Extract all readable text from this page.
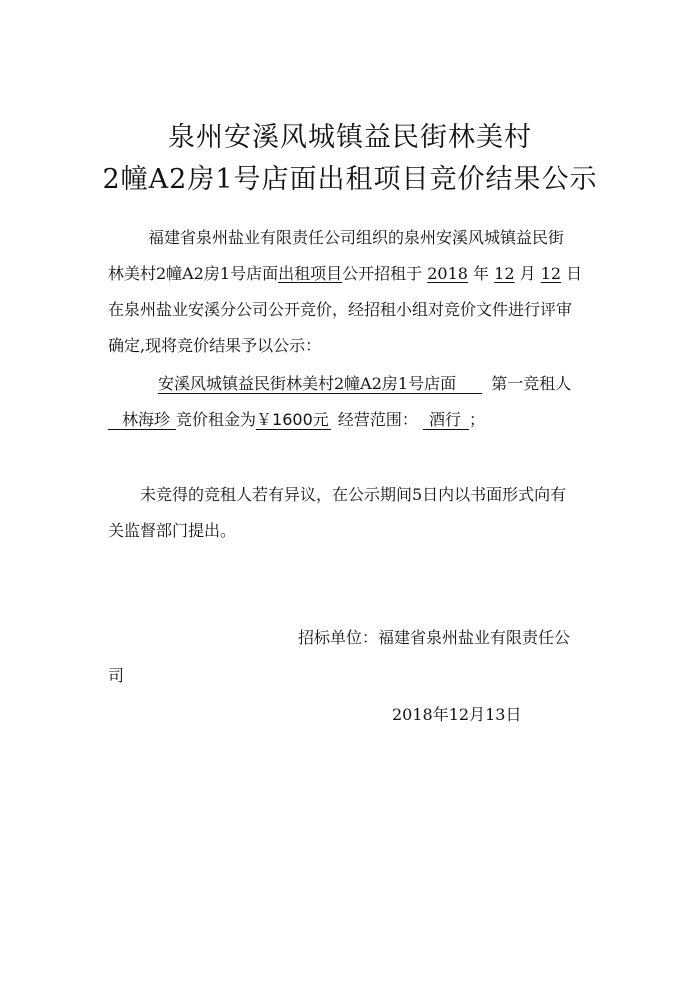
泉州安溪风城镇益民街林美村
2幢A2房1号店面出租项目竞价结果公示
福建省泉州盐业有限责任公司组织的泉州安溪风城镇益民街
林美村2幢A2房1号店面出租项目公开招租于 2018 年 12 月 12 日
在泉州盐业安溪分公司公开竞价，经招租小组对竞价文件进行评审
确定,现将竞价结果予以公示：
安溪风城镇益民街林美村2幢A2房1号店面 第一竞租人
林海珍 竞价租金为￥1600元 经营范围： 酒行 ；
未竞得的竞租人若有异议，在公示期间5日内以书面形式向有
关监督部门提出。
招标单位：福建省泉州盐业有限责任公
司
2018年12月13日
